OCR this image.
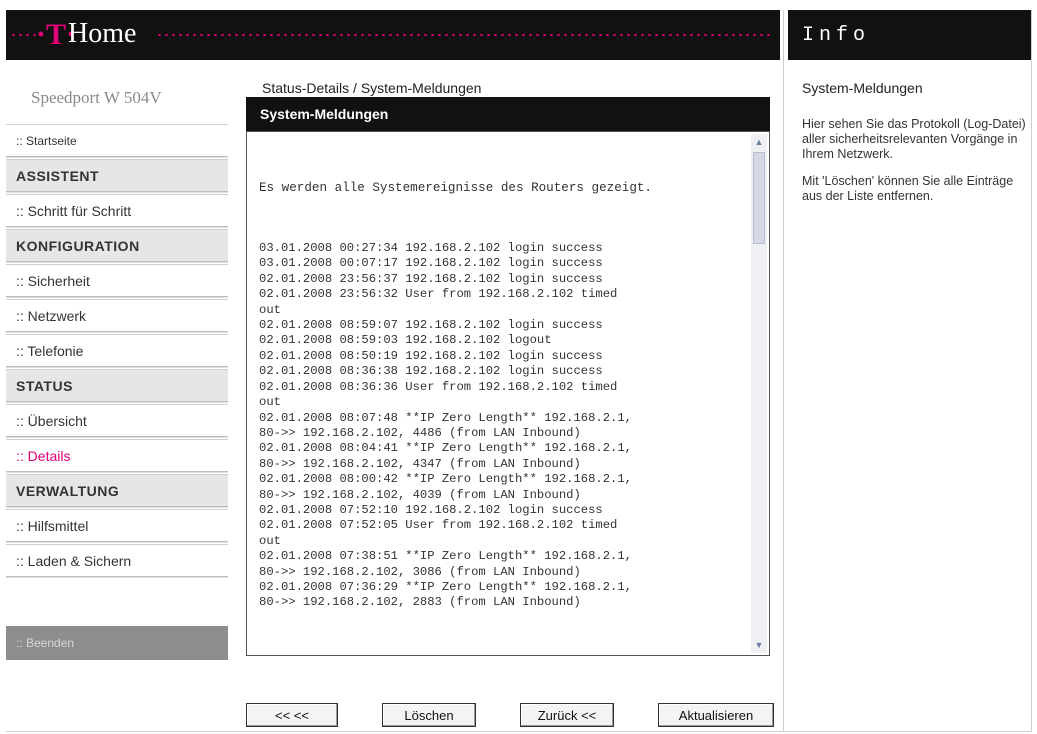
·T·
Home	Info
Speedport W 504V
:: Startseite
ASSISTENT
:: Schritt für Schritt
KONFIGURATION
:: Sicherheit
:: Netzwerk
:: Telefonie
STATUS
:: Übersicht
:: Details
VERWALTUNG
:: Hilfsmittel
:: Laden & Sichern
:: Beenden
Status-Details / System-Meldungen
System-Meldungen

Es werden alle Systemereignisse des Routers gezeigt.

03.01.2008 00:27:34 192.168.2.102 login success
03.01.2008 00:07:17 192.168.2.102 login success
02.01.2008 23:56:37 192.168.2.102 login success
02.01.2008 23:56:32 User from 192.168.2.102 timed
out
02.01.2008 08:59:07 192.168.2.102 login success
02.01.2008 08:59:03 192.168.2.102 logout
02.01.2008 08:50:19 192.168.2.102 login success
02.01.2008 08:36:38 192.168.2.102 login success
02.01.2008 08:36:36 User from 192.168.2.102 timed
out
02.01.2008 08:07:48 **IP Zero Length** 192.168.2.1,
80->> 192.168.2.102, 4486 (from LAN Inbound)
02.01.2008 08:04:41 **IP Zero Length** 192.168.2.1,
80->> 192.168.2.102, 4347 (from LAN Inbound)
02.01.2008 08:00:42 **IP Zero Length** 192.168.2.1,
80->> 192.168.2.102, 4039 (from LAN Inbound)
02.01.2008 07:52:10 192.168.2.102 login success
02.01.2008 07:52:05 User from 192.168.2.102 timed
out
02.01.2008 07:38:51 **IP Zero Length** 192.168.2.1,
80->> 192.168.2.102, 3086 (from LAN Inbound)
02.01.2008 07:36:29 **IP Zero Length** 192.168.2.1,
80->> 192.168.2.102, 2883 (from LAN Inbound)

▲
▼
<< <<	Löschen	Zurück <<	Aktualisieren
System-Meldungen

Hier sehen Sie das Protokoll (Log-Datei) aller sicherheitsrelevanten Vorgänge in Ihrem Netzwerk.

Mit 'Löschen' können Sie alle Einträge aus der Liste entfernen.
